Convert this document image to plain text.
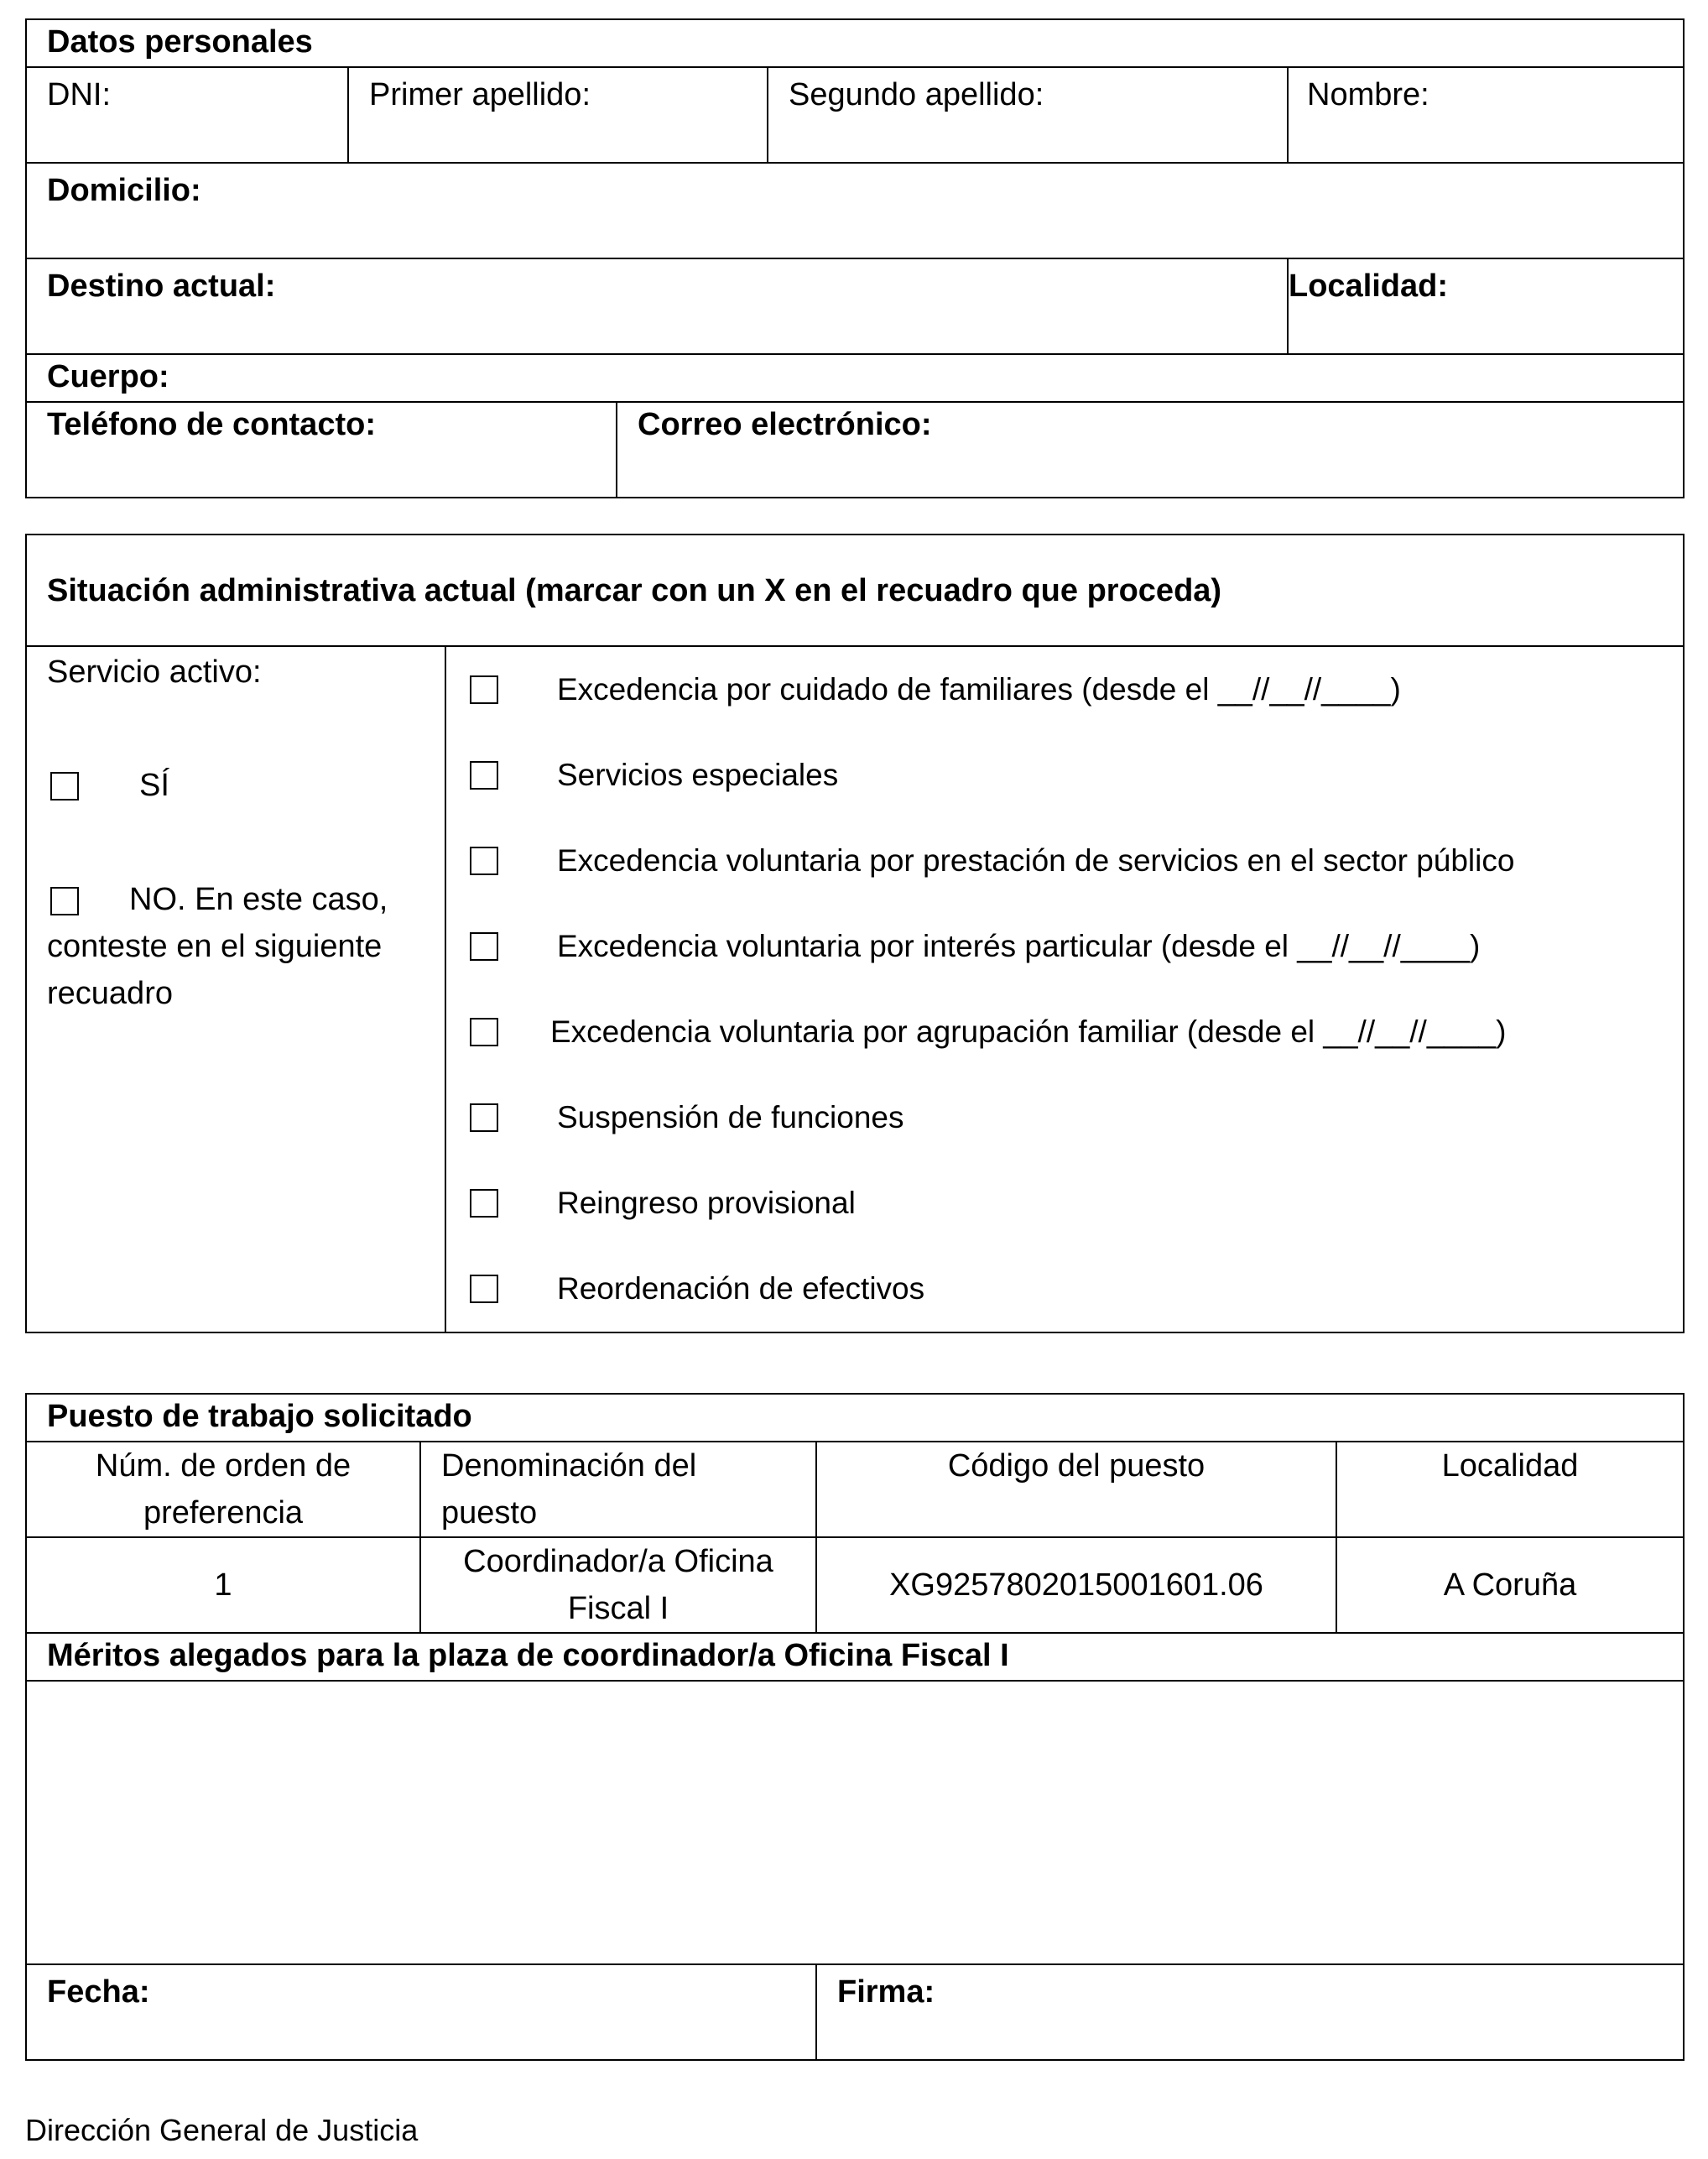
Datos personales				

DNI:	Primer apellido:		Segundo apellido:	Nombre:

Domicilio:				

Destino actual:				Localidad:

Cuerpo:				

Teléfono de contacto:		Correo electrónico:		
Situación administrativa actual (marcar con un X en el recuadro que proceda)

Servicio activo:
SÍ
NO. En este caso,
conteste en el siguiente recuadro

Excedencia por cuidado de familiares (desde el __//__//____)
Servicios especiales
Excedencia voluntaria por prestación de servicios en el sector público
Excedencia voluntaria por interés particular (desde el __//__//____)
Excedencia voluntaria por agrupación familiar (desde el __//__//____)
Suspensión de funciones
Reingreso provisional
Reordenación de efectivos
Puesto de trabajo solicitado			

Núm. de orden de preferencia	Denominación del puesto	Código del puesto	Localidad

1	Coordinador/a Oficina Fiscal I	XG9257802015001601.06	A Coruña

Méritos alegados para la plaza de coordinador/a Oficina Fiscal I			

Fecha:		Firma:	
Dirección General de Justicia
